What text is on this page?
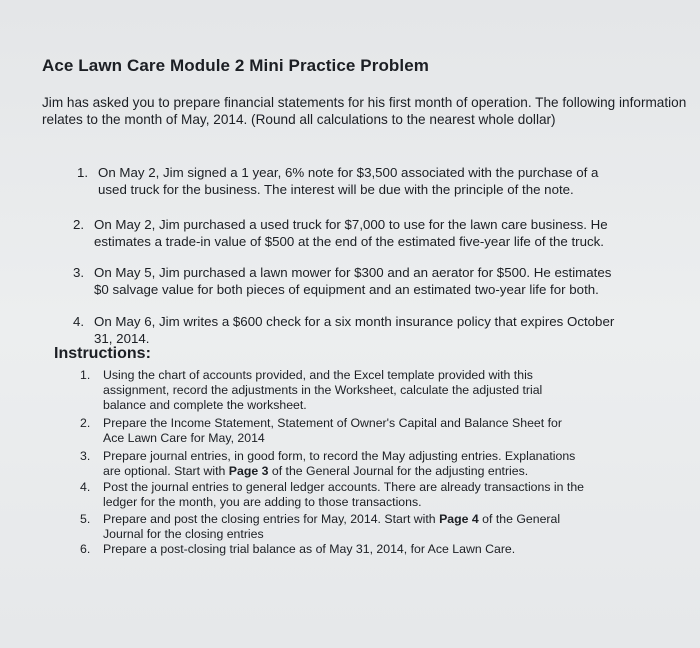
Ace Lawn Care Module 2 Mini Practice Problem
Jim has asked you to prepare financial statements for his first month of operation. The following information relates to the month of May, 2014. (Round all calculations to the nearest whole dollar)
1. On May 2, Jim signed a 1 year, 6% note for $3,500 associated with the purchase of a
used truck for the business. The interest will be due with the principle of the note.
2. On May 2, Jim purchased a used truck for $7,000 to use for the lawn care business. He
estimates a trade-in value of $500 at the end of the estimated five-year life of the truck.
3. On May 5, Jim purchased a lawn mower for $300 and an aerator for $500. He estimates
$0 salvage value for both pieces of equipment and an estimated two-year life for both.
4. On May 6, Jim writes a $600 check for a six month insurance policy that expires October
31, 2014.
Instructions:
1. Using the chart of accounts provided, and the Excel template provided with this
assignment, record the adjustments in the Worksheet, calculate the adjusted trial
balance and complete the worksheet.
2. Prepare the Income Statement, Statement of Owner's Capital and Balance Sheet for
Ace Lawn Care for May, 2014
3. Prepare journal entries, in good form, to record the May adjusting entries. Explanations
are optional. Start with Page 3 of the General Journal for the adjusting entries.
4. Post the journal entries to general ledger accounts. There are already transactions in the
ledger for the month, you are adding to those transactions.
5. Prepare and post the closing entries for May, 2014. Start with Page 4 of the General
Journal for the closing entries
6. Prepare a post-closing trial balance as of May 31, 2014, for Ace Lawn Care.
